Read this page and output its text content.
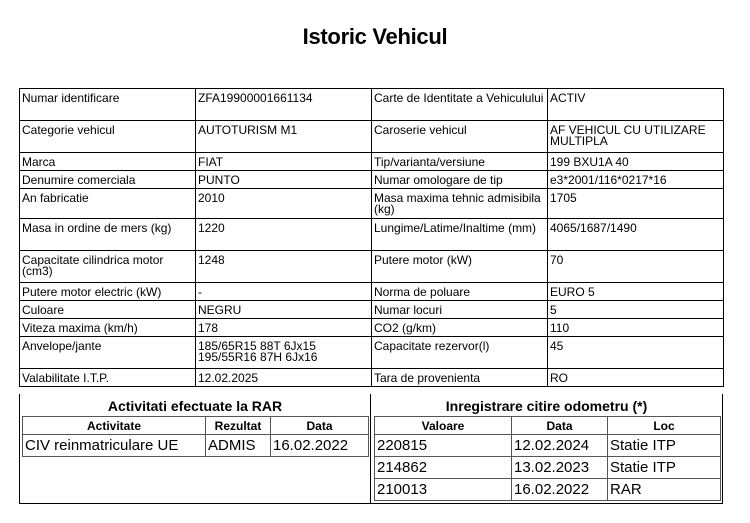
Istoric Vehicul
Numar identificare	ZFA19900001661134	Carte de Identitate a Vehiculului	ACTIV
Categorie vehicul	AUTOTURISM M1	Caroserie vehicul	AF VEHICUL CU UTILIZARE MULTIPLA
Marca	FIAT	Tip/varianta/versiune	199 BXU1A 40
Denumire comerciala	PUNTO	Numar omologare de tip	e3*2001/116*0217*16
An fabricatie	2010	Masa maxima tehnic admisibila (kg)	1705
Masa in ordine de mers (kg)	1220	Lungime/Latime/Inaltime (mm)	4065/1687/1490
Capacitate cilindrica motor (cm3)	1248	Putere motor (kW)	70
Putere motor electric (kW)	-	Norma de poluare	EURO 5
Culoare	NEGRU	Numar locuri	5
Viteza maxima (km/h)	178	CO2 (g/km)	110
Anvelope/jante	185/65R15 88T 6Jx15 195/55R16 87H 6Jx16	Capacitate rezervor(l)	45
Valabilitate I.T.P.	12.02.2025	Tara de provenienta	RO
Activitati efectuate la RAR
Activitate	Rezultat	Data
CIV reinmatriculare UE	ADMIS	16.02.2022
Inregistrare citire odometru (*)
Valoare	Data	Loc
220815	12.02.2024	Statie ITP
214862	13.02.2023	Statie ITP
210013	16.02.2022	RAR
